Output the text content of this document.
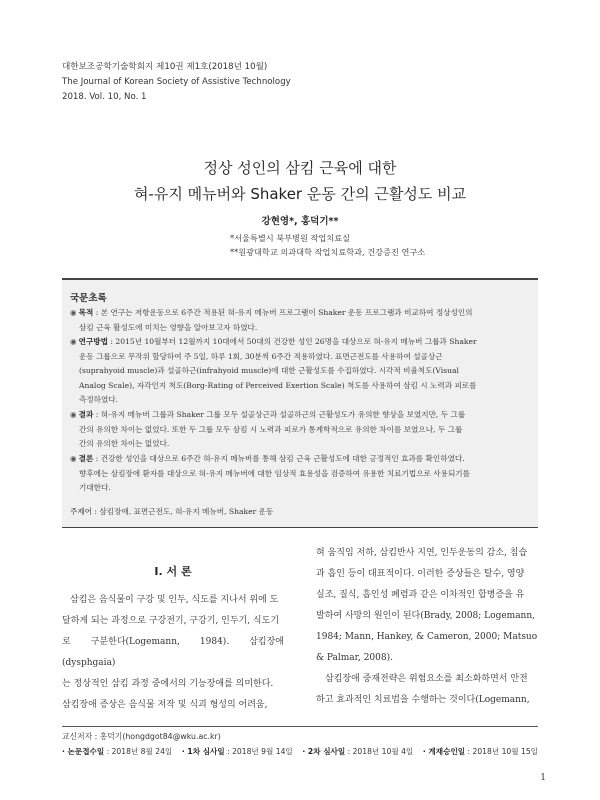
대한보조공학기술학회지 제10권 제1호(2018년 10월)
The Journal of Korean Society of Assistive Technology
2018. Vol. 10, No. 1
정상 성인의 삼킴 근육에 대한
혀-유지 메뉴버와 Shaker 운동 간의 근활성도 비교
강현영*, 홍덕기**
*서울특별시 북부병원 작업치료실
**원광대학교 의과대학 작업치료학과, 건강증진 연구소
국문초록
◉ 목적 : 본 연구는 저항운동으로 6주간 적용된 혀-유지 메뉴버 프로그램이 Shaker 운동 프로그램과 비교하여 정상성인의
삼킴 근육 활성도에 미치는 영향을 알아보고자 하였다.
◉ 연구방법 : 2015년 10월부터 12월까지 10대에서 50대의 건강한 성인 26명을 대상으로 혀-유지 메뉴버 그룹과 Shaker
운동 그룹으로 무작위 할당하여 주 5일, 하루 1회, 30분씩 6주간 적용하였다. 표면근전도를 사용하여 설골상근
(suprahyoid muscle)과 설골하근(infrahyoid muscle)에 대한 근활성도를 수집하였다. 시각적 비율척도(Visual
Analog Scale), 자각인지 척도(Borg-Rating of Perceived Exertion Scale) 척도를 사용하여 삼킴 시 노력과 피로를
측정하였다.
◉ 결과 : 혀-유지 메뉴버 그룹과 Shaker 그룹 모두 설골상근과 설골하근의 근활성도가 유의한 향상을 보였지만, 두 그룹
간의 유의한 차이는 없었다. 또한 두 그룹 모두 삼킴 시 노력과 피로가 통계학적으로 유의한 차이를 보였으나, 두 그룹
간의 유의한 차이는 없었다.
◉ 결론 : 건강한 성인을 대상으로 6주간 혀-유지 메뉴버를 통해 삼킴 근육 근활성도에 대한 긍정적인 효과를 확인하였다.
향후에는 삼킴장애 환자를 대상으로 혀-유지 메뉴버에 대한 임상적 효용성을 검증하여 유용한 치료기법으로 사용되기를
기대한다.
주제어 : 삼킴장애, 표면근전도, 혀-유지 메뉴버, Shaker 운동
I. 서 론
삼킴은 음식물이 구강 및 인두, 식도를 지나서 위에 도
달하게 되는 과정으로 구강전기, 구강기, 인두기, 식도기
로 구분한다(Logemann, 1984). 삼킴장애(dysphgaia)
는 정상적인 삼킴 과정 중에서의 기능장애를 의미한다.
삼킴장애 증상은 음식물 저작 및 식괴 형성의 어려움,
혀 움직임 저하, 삼킴반사 지연, 인두운동의 감소, 침습
과 흡인 등이 대표적이다. 이러한 증상들은 탈수, 영양
실조, 질식, 흡인성 폐렴과 같은 이차적인 합병증을 유
발하여 사망의 원인이 된다(Brady, 2008; Logemann,
1984; Mann, Hankey, & Cameron, 2000; Matsuo
& Palmar, 2008).
　삼킴장애 중재전략은 위험요소를 최소화하면서 안전
하고 효과적인 치료법을 수행하는 것이다(Logemann,
교신저자 : 홍덕기(hongdgot84@wku.ac.kr)
· 논문접수일 : 2018년 8월 24일 · 1차 심사일 : 2018년 9월 14일 · 2차 심사일 : 2018년 10월 4일 · 게재승인일 : 2018년 10월 15일
1
